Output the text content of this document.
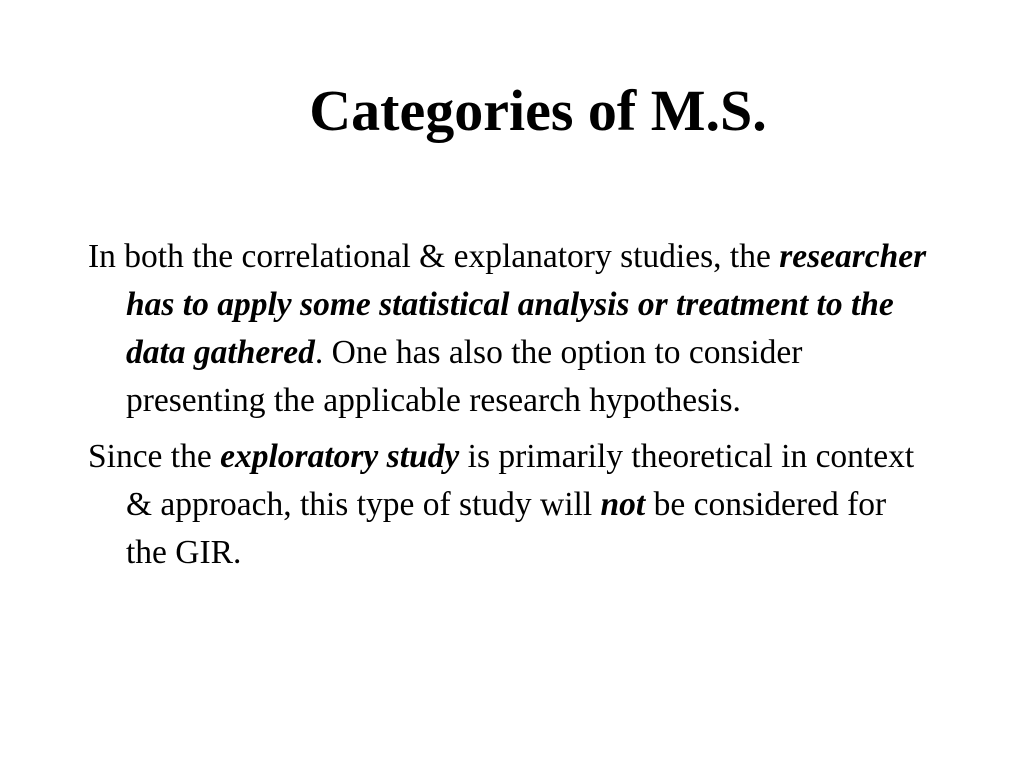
Categories of M.S.

In both the correlational & explanatory studies, the researcher has to apply some statistical analysis or treatment to the data gathered. One has also the option to consider presenting the applicable research hypothesis.

Since the exploratory study is primarily theoretical in context & approach, this type of study will not be considered for the GIR.
